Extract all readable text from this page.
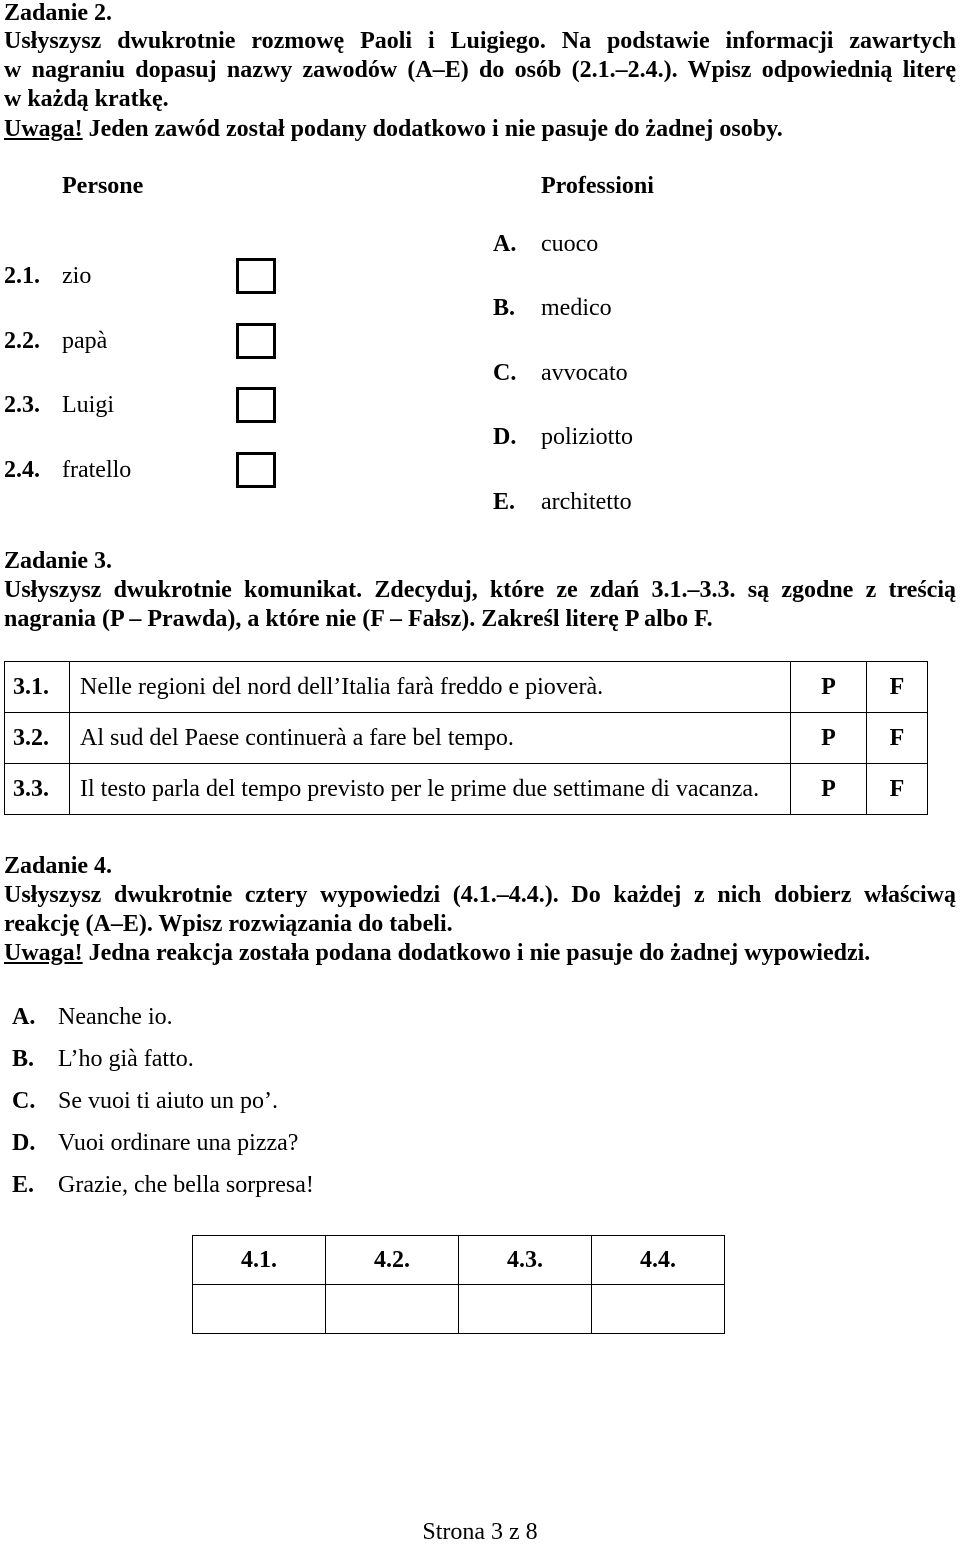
Zadanie 2.
Usłyszysz dwukrotnie rozmowę Paoli i Luigiego. Na podstawie informacji zawartych
w nagraniu dopasuj nazwy zawodów (A–E) do osób (2.1.–2.4.). Wpisz odpowiednią literę
w każdą kratkę.
Uwaga! Jeden zawód został podany dodatkowo i nie pasuje do żadnej osoby.
Persone	Professioni
2.1. zio
2.2. papà
2.3. Luigi
2.4. fratello
A. cuoco
B. medico
C. avvocato
D. poliziotto
E. architetto
Zadanie 3.
Usłyszysz dwukrotnie komunikat. Zdecyduj, które ze zdań 3.1.–3.3. są zgodne z treścią
nagrania (P – Prawda), a które nie (F – Fałsz). Zakreśl literę P albo F.
3.1.	Nelle regioni del nord dell’Italia farà freddo e pioverà.	P	F
3.2.	Al sud del Paese continuerà a fare bel tempo.	P	F
3.3.	Il testo parla del tempo previsto per le prime due settimane di vacanza.	P	F
Zadanie 4.
Usłyszysz dwukrotnie cztery wypowiedzi (4.1.–4.4.). Do każdej z nich dobierz właściwą
reakcję (A–E). Wpisz rozwiązania do tabeli.
Uwaga! Jedna reakcja została podana dodatkowo i nie pasuje do żadnej wypowiedzi.
A. Neanche io.
B. L’ho già fatto.
C. Se vuoi ti aiuto un po’.
D. Vuoi ordinare una pizza?
E. Grazie, che bella sorpresa!
4.1.	4.2.	4.3.	4.4.

Strona 3 z 8
